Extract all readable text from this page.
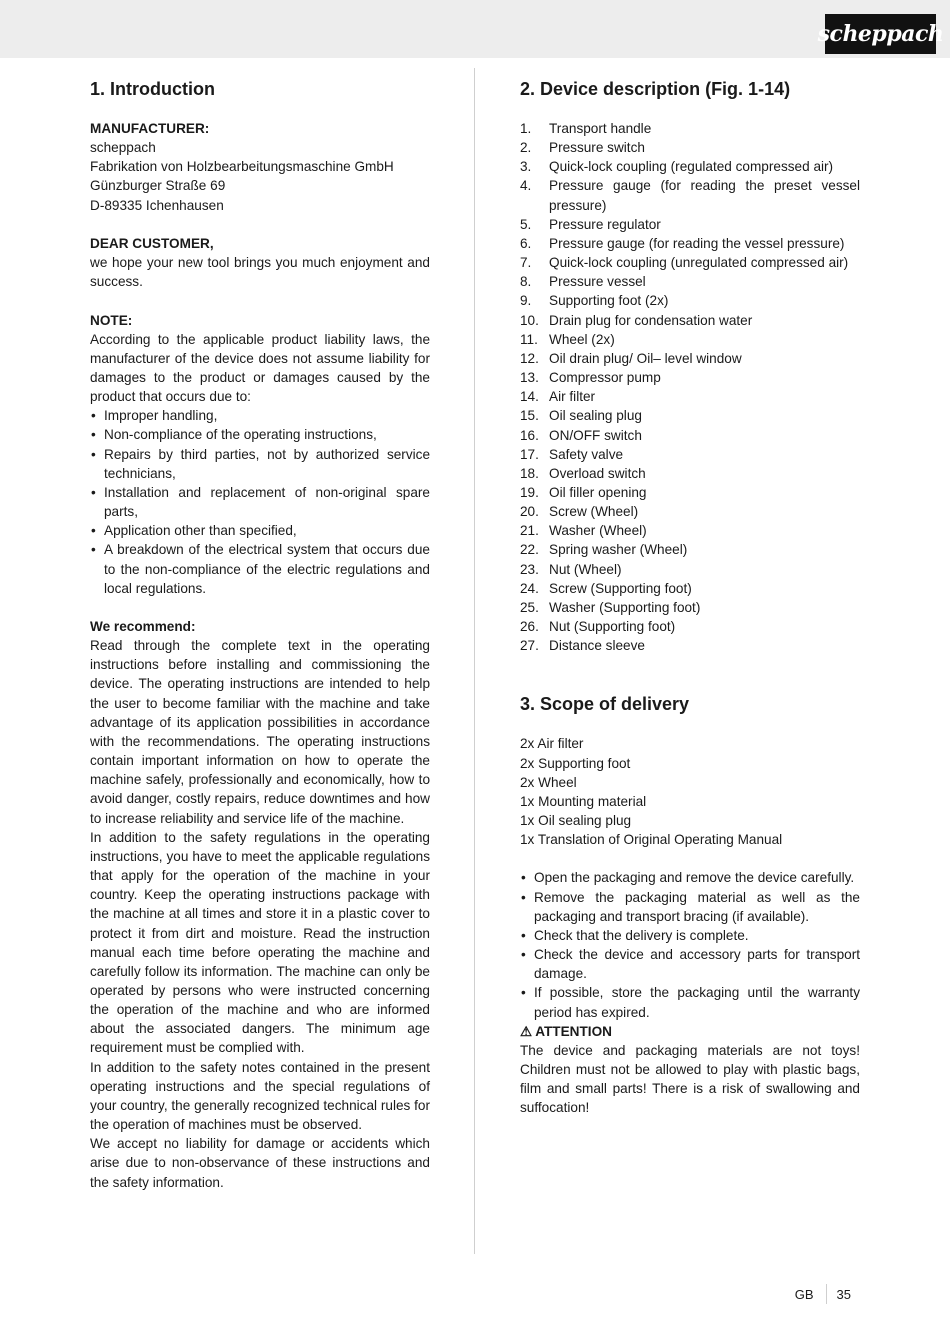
scheppach
1. Introduction
MANUFACTURER:
scheppach
Fabrikation von Holzbearbeitungsmaschine GmbH
Günzburger Straße 69
D-89335 Ichenhausen
DEAR CUSTOMER,

we hope your new tool brings you much enjoyment and success.

NOTE:

According to the applicable product liability laws, the manufacturer of the device does not assume liability for damages to the product or damages caused by the product that occurs due to:

• Improper handling,
• Non-compliance of the operating instructions,
• Repairs by third parties, not by authorized service technicians,
• Installation and replacement of non-original spare parts,
• Application other than specified,
• A breakdown of the electrical system that occurs due to the non-compliance of the electric regulations and local regulations.
We recommend:

Read through the complete text in the operating instructions before installing and commissioning the device. The operating instructions are intended to help the user to become familiar with the machine and take advantage of its application possibilities in accordance with the recommendations. The operating instructions contain important information on how to operate the machine safely, professionally and economically, how to avoid danger, costly repairs, reduce downtimes and how to increase reliability and service life of the machine.

In addition to the safety regulations in the operating instructions, you have to meet the applicable regulations that apply for the operation of the machine in your country. Keep the operating instructions package with the machine at all times and store it in a plastic cover to protect it from dirt and moisture. Read the instruction manual each time before operating the machine and carefully follow its information. The machine can only be operated by persons who were instructed concerning the operation of the machine and who are informed about the associated dangers. The minimum age requirement must be complied with.

In addition to the safety notes contained in the present operating instructions and the special regulations of your country, the generally recognized technical rules for the operation of machines must be observed.

We accept no liability for damage or accidents which arise due to non-observance of these instructions and the safety information.

2. Device description (Fig. 1-14)
1.	Transport handle
2.	Pressure switch
3.	Quick-lock coupling (regulated compressed air)
4.	Pressure gauge (for reading the preset vessel pressure)
5.	Pressure regulator
6.	Pressure gauge (for reading the vessel pressure)
7.	Quick-lock coupling (unregulated compressed air)
8.	Pressure vessel
9.	Supporting foot (2x)
10. Drain plug for condensation water
11. Wheel (2x)
12. Oil drain plug/ Oil– level window
13. Compressor pump
14. Air filter
15. Oil sealing plug
16. ON/OFF switch
17. Safety valve
18. Overload switch
19. Oil filler opening
20. Screw (Wheel)
21. Washer (Wheel)
22. Spring washer (Wheel)
23. Nut (Wheel)
24. Screw (Supporting foot)
25. Washer (Supporting foot)
26. Nut (Supporting foot)
27. Distance sleeve
3. Scope of delivery
2x Air filter
2x Supporting foot
2x Wheel
1x Mounting material
1x Oil sealing plug
1x Translation of Original Operating Manual
• Open the packaging and remove the device carefully.
• Remove the packaging material as well as the packaging and transport bracing (if available).
• Check that the delivery is complete.
• Check the device and accessory parts for transport damage.
• If possible, store the packaging until the warranty period has expired.
⚠ ATTENTION

The device and packaging materials are not toys! Children must not be allowed to play with plastic bags, film and small parts! There is a risk of swallowing and suffocation!

GB	35
